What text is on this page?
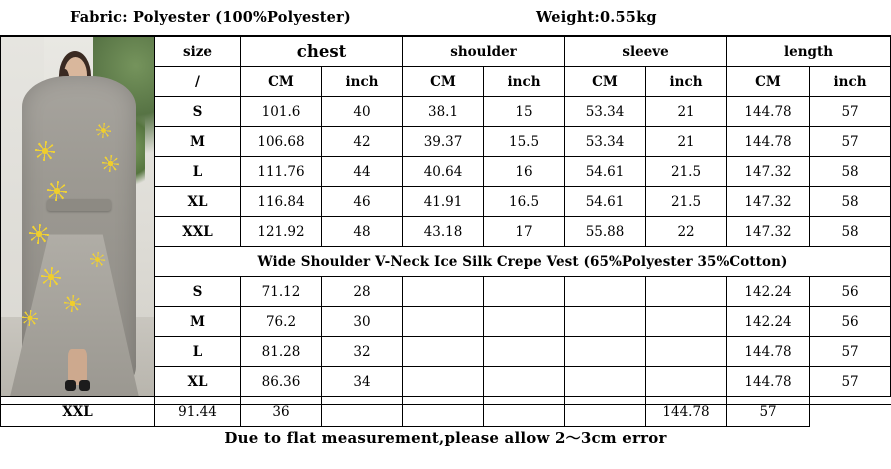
Fabric: Polyester (100%Polyester)	Weight:0.55kg
	size	chest		shoulder		sleeve		length	
	/	CM	inch	CM	inch	CM	inch	CM	inch
	S	101.6	40	38.1	15	53.34	21	144.78	57
	M	106.68	42	39.37	15.5	53.34	21	144.78	57
	L	111.76	44	40.64	16	54.61	21.5	147.32	58
	XL	116.84	46	41.91	16.5	54.61	21.5	147.32	58
	XXL	121.92	48	43.18	17	55.88	22	147.32	58
	Wide Shoulder V-Neck Ice Silk Crepe Vest (65%Polyester 35%Cotton)								
	S	71.12	28					142.24	56
	M	76.2	30					142.24	56
	L	81.28	32					144.78	57
	XL	86.36	34					144.78	57
XXL	91.44	36					144.78	57	
Due to flat measurement,please allow 2～3cm error
